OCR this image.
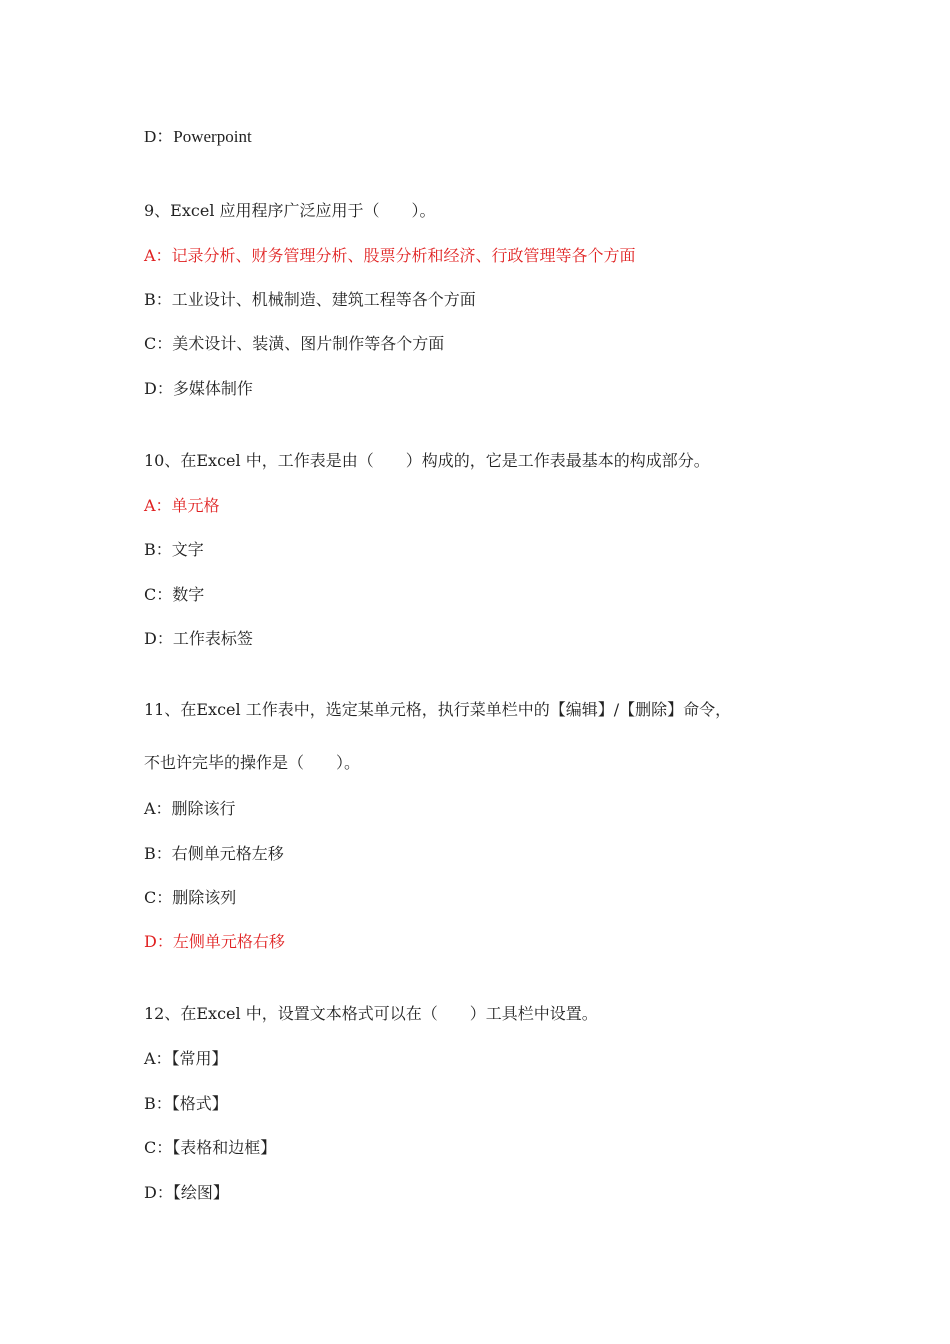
D：Powerpoint
9、Excel 应用程序广泛应用于（　　）。
A：记录分析、财务管理分析、股票分析和经济、行政管理等各个方面
B：工业设计、机械制造、建筑工程等各个方面
C：美术设计、装潢、图片制作等各个方面
D：多媒体制作
10、在Excel 中，工作表是由（　　）构成的，它是工作表最基本的构成部分。
A：单元格
B：文字
C：数字
D：工作表标签
11、在Excel 工作表中，选定某单元格，执行菜单栏中的【编辑】/【删除】命令，
不也许完毕的操作是（　　）。
A：删除该行
B：右侧单元格左移
C：删除该列
D：左侧单元格右移
12、在Excel 中，设置文本格式可以在（　　）工具栏中设置。
A：【常用】
B：【格式】
C：【表格和边框】
D：【绘图】
